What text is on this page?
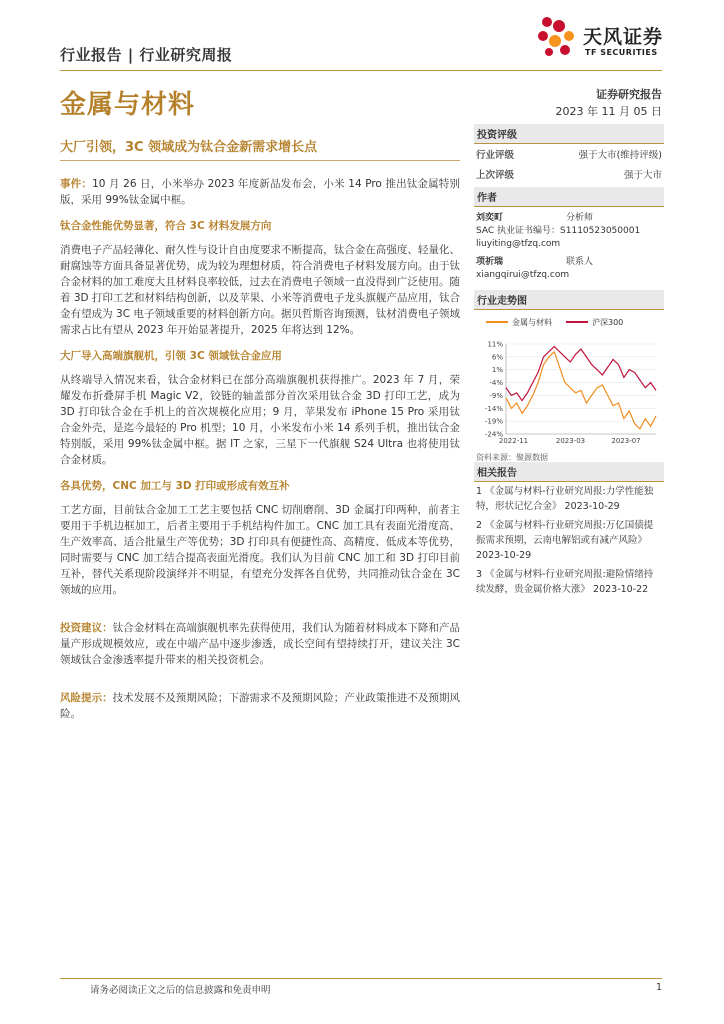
行业报告 | 行业研究周报
天风证券
TF SECURITIES
金属与材料	证券研究报告
2023 年 11 月 05 日
大厂引领，3C 领域成为钛合金新需求增长点

事件：10 月 26 日，小米举办 2023 年度新品发布会，小米 14 Pro 推出钛金属特别版，采用 99%钛金属中框。

钛合金性能优势显著，符合 3C 材料发展方向

消费电子产品轻薄化、耐久性与设计自由度要求不断提高，钛合金在高强度、轻量化、耐腐蚀等方面具备显著优势，成为较为理想材质，符合消费电子材料发展方向。由于钛合金材料的加工难度大且材料良率较低，过去在消费电子领域一直没得到广泛使用。随着 3D 打印工艺和材料结构创新，以及苹果、小米等消费电子龙头旗舰产品应用，钛合金有望成为 3C 电子领域重要的材料创新方向。据贝哲斯咨询预测，钛材消费电子领域需求占比有望从 2023 年开始显著提升，2025 年将达到 12%。

大厂导入高端旗舰机，引领 3C 领域钛合金应用

从终端导入情况来看，钛合金材料已在部分高端旗舰机获得推广。2023 年 7 月，荣耀发布折叠屏手机 Magic V2，铰链的轴盖部分首次采用钛合金 3D 打印工艺，成为 3D 打印钛合金在手机上的首次规模化应用；9 月，苹果发布 iPhone 15 Pro 采用钛合金外壳，是迄今最轻的 Pro 机型；10 月，小米发布小米 14 系列手机，推出钛合金特别版，采用 99%钛金属中框。据 IT 之家，三星下一代旗舰 S24 Ultra 也将使用钛合金材质。

各具优势，CNC 加工与 3D 打印或形成有效互补

工艺方面，目前钛合金加工工艺主要包括 CNC 切削磨削、3D 金属打印两种，前者主要用于手机边框加工，后者主要用于手机结构件加工。CNC 加工具有表面光滑度高、生产效率高、适合批量生产等优势；3D 打印具有便捷性高、高精度、低成本等优势，同时需要与 CNC 加工结合提高表面光滑度。我们认为目前 CNC 加工和 3D 打印目前互补，替代关系现阶段演绎并不明显，有望充分发挥各自优势，共同推动钛合金在 3C 领域的应用。

投资建议：钛合金材料在高端旗舰机率先获得使用，我们认为随着材料成本下降和产品量产形成规模效应，或在中端产品中逐步渗透，成长空间有望持续打开，建议关注 3C 领域钛合金渗透率提升带来的相关投资机会。

风险提示：技术发展不及预期风险；下游需求不及预期风险；产业政策推进不及预期风险。

投资评级
行业评级	强于大市(维持评级)
上次评级	强于大市
作者
刘奕町	分析师
SAC 执业证书编号：S1110523050001
liuyiting@tfzq.com
项祈瑞	联系人
xiangqirui@tfzq.com
行业走势图
金属与材料	沪深300
11%
6%
1%
-4%
-9%
-14%
-19%
-24%
2022-11	2023-03	2023-07
资料来源：聚源数据
相关报告
1 《金属与材料-行业研究周报:力学性能独特，形状记忆合金》 2023-10-29
2 《金属与材料-行业研究周报:万亿国债提振需求预期，云南电解铝或有减产风险》 2023-10-29
3 《金属与材料-行业研究周报:避险情绪持续发酵，贵金属价格大涨》 2023-10-22
请务必阅读正文之后的信息披露和免责申明	1
